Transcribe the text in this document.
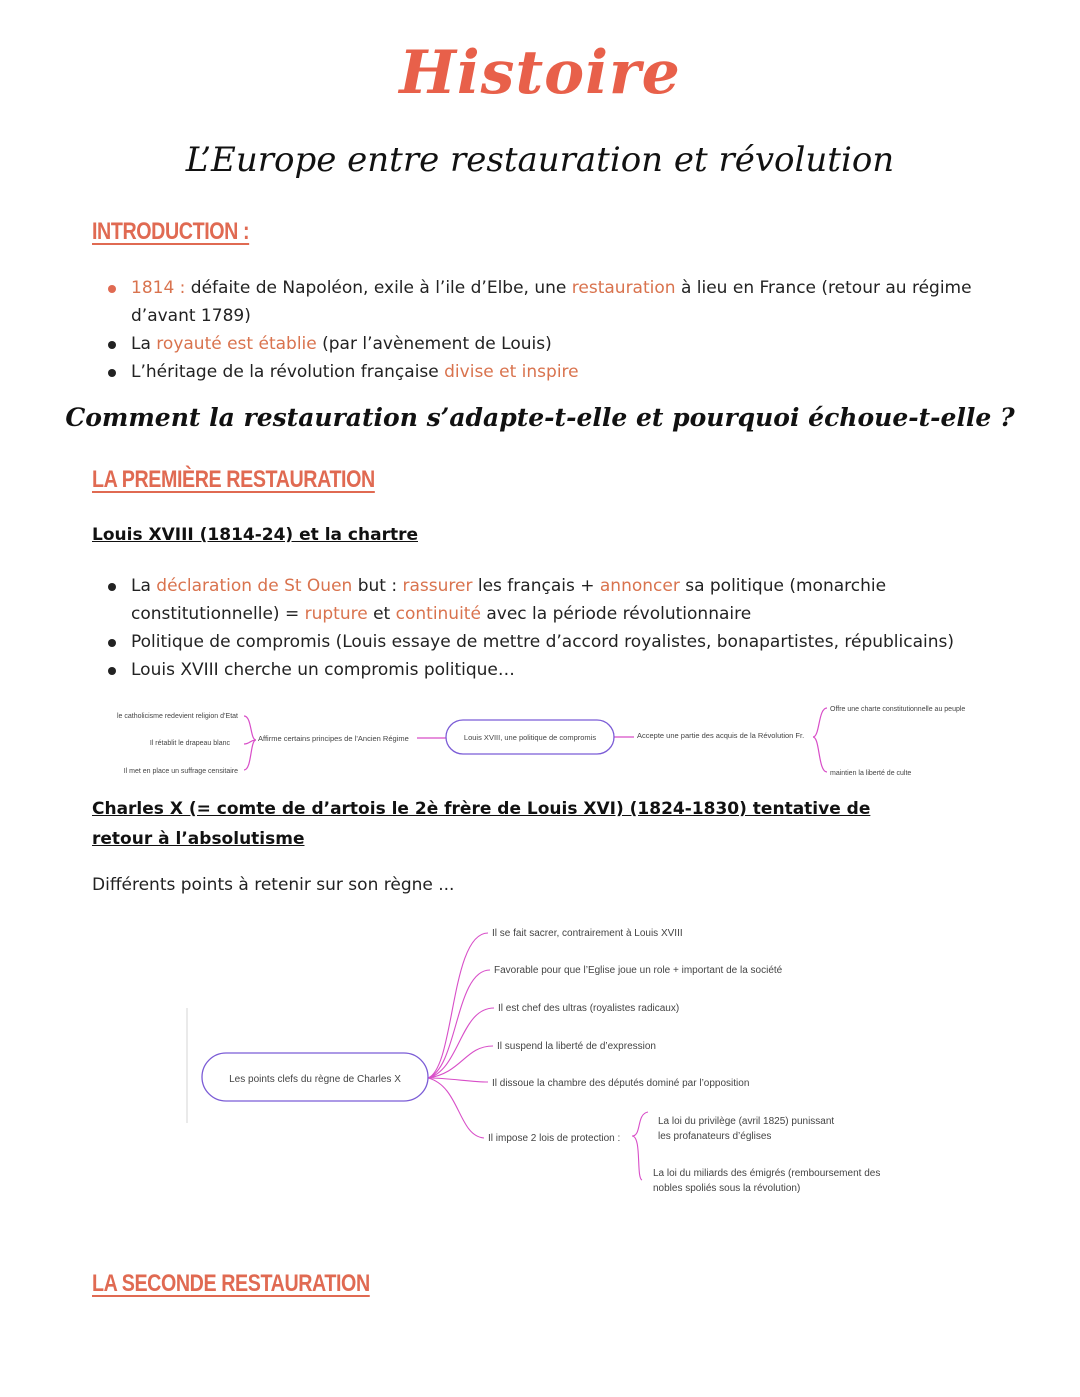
Histoire
L’Europe entre restauration et révolution
INTRODUCTION :
1814 : défaite de Napoléon, exile à l’ile d’Elbe, une restauration à lieu en France (retour au régime d’avant 1789)
La royauté est établie (par l’avènement de Louis)
L’héritage de la révolution française divise et inspire
Comment la restauration s’adapte-t-elle et pourquoi échoue-t-elle ?
LA PREMIÈRE RESTAURATION
Louis XVIII (1814-24) et la chartre
La déclaration de St Ouen but : rassurer les français + annoncer sa politique (monarchie constitutionnelle) = rupture et continuité avec la période révolutionnaire
Politique de compromis (Louis essaye de mettre d’accord royalistes, bonapartistes, républicains)
Louis XVIII cherche un compromis politique…
Louis XVIII, une politique de compromis
Affirme certains principes de l’Ancien Régime
le catholicisme redevient religion d’Etat
Il rétablit le drapeau blanc
Il met en place un suffrage censitaire
Accepte une partie des acquis de la Révolution Fr.
Offre une charte constitutionnelle au peuple
maintien la liberté de culte
Charles X (= comte de d’artois le 2è frère de Louis XVI) (1824-1830) tentative de retour à l’absolutisme
Différents points à retenir sur son règne ...
Les points clefs du règne de Charles X
Il se fait sacrer, contrairement à Louis XVIII
Favorable pour que l’Eglise joue un role + important de la société
Il est chef des ultras (royalistes radicaux)
Il suspend la liberté de d’expression
Il dissoue la chambre des députés dominé par l’opposition
Il impose 2 lois de protection :
La loi du privilège (avril 1825) punissant
les profanateurs d’églises
La loi du miliards des émigrés (remboursement des
nobles spoliés sous la révolution)
LA SECONDE RESTAURATION
